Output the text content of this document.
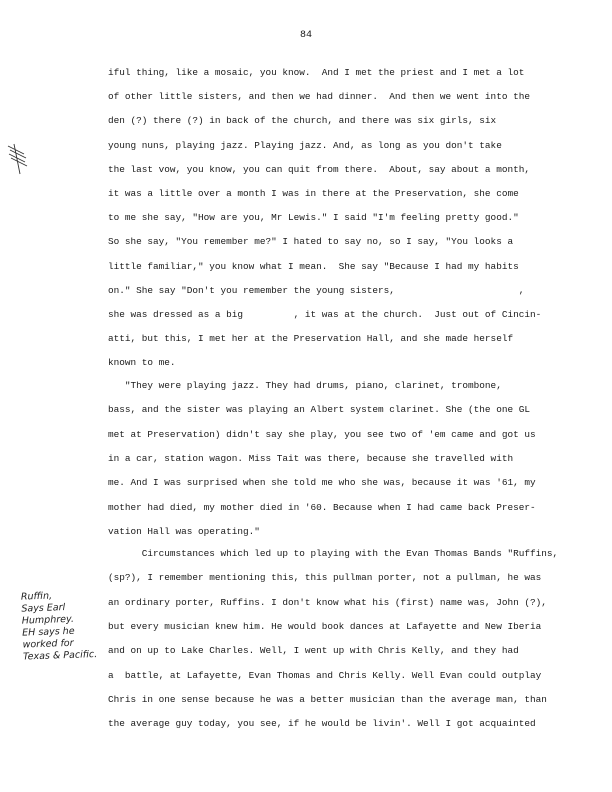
84
iful thing, like a mosaic, you know.  And I met the priest and I met a lot
of other little sisters, and then we had dinner.  And then we went into the
den (?) there (?) in back of the church, and there was six girls, six
young nuns, playing jazz. Playing jazz. And, as long as you don't take
the last vow, you know, you can quit from there.  About, say about a month,
it was a little over a month I was in there at the Preservation, she come
to me she say, "How are you, Mr Lewis." I said "I'm feeling pretty good."
So she say, "You remember me?" I hated to say no, so I say, "You looks a
little familiar," you know what I mean.  She say "Because I had my habits
on." She say "Don't you remember the young sisters,                      ,
she was dressed as a big         , it was at the church.  Just out of Cincin-
atti, but this, I met her at the Preservation Hall, and she made herself
known to me.
"They were playing jazz. They had drums, piano, clarinet, trombone,
bass, and the sister was playing an Albert system clarinet. She (the one GL
met at Preservation) didn't say she play, you see two of 'em came and got us
in a car, station wagon. Miss Tait was there, because she travelled with
me. And I was surprised when she told me who she was, because it was '61, my
mother had died, my mother died in '60. Because when I had came back Preser-
vation Hall was operating."
Circumstances which led up to playing with the Evan Thomas Bands "Ruffins,
(sp?), I remember mentioning this, this pullman porter, not a pullman, he was
an ordinary porter, Ruffins. I don't know what his (first) name was, John (?),
but every musician knew him. He would book dances at Lafayette and New Iberia
and on up to Lake Charles. Well, I went up with Chris Kelly, and they had
a  battle, at Lafayette, Evan Thomas and Chris Kelly. Well Evan could outplay
Chris in one sense because he was a better musician than the average man, than
the average guy today, you see, if he would be livin'. Well I got acquainted
Ruffin,
Says Earl
Humphrey.
EH says he
worked for
Texas & Pacific.
